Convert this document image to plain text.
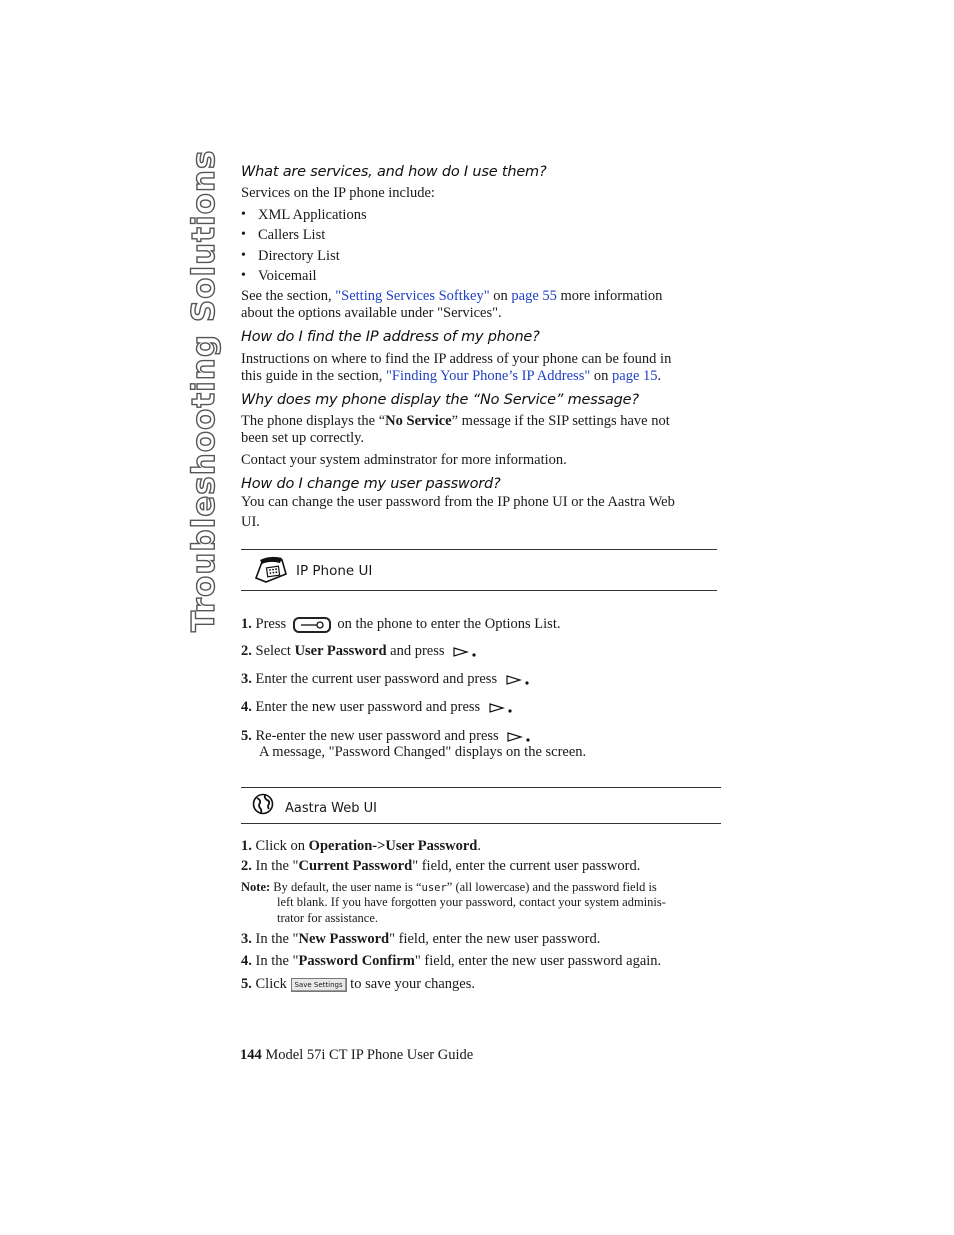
Troubleshooting Solutions What are services, and how do I use them?
Services on the IP phone include:
• XML Applications
• Callers List
• Directory List
• Voicemail
See the section, "Setting Services Softkey" on page 55 more information
about the options available under "Services".
How do I find the IP address of my phone?
Instructions on where to find the IP address of your phone can be found in
this guide in the section, "Finding Your Phone’s IP Address" on page 15.
Why does my phone display the “No Service” message?
The phone displays the “No Service” message if the SIP settings have not
been set up correctly.
Contact your system adminstrator for more information.
How do I change my user password?
You can change the user password from the IP phone UI or the Aastra Web
UI.
IP Phone UI
1. Press	on the phone to enter the Options List.
2. Select User Password and press
3. Enter the current user password and press
4. Enter the new user password and press
5. Re-enter the new user password and press
A message, "Password Changed" displays on the screen.
Aastra Web UI
1. Click on Operation->User Password.
2. In the "Current Password" field, enter the current user password.
Note: By default, the user name is “user” (all lowercase) and the password field is
left blank. If you have forgotten your password, contact your system adminis-
trator for assistance.
3. In the "New Password" field, enter the new user password.
4. In the "Password Confirm" field, enter the new user password again.
5. Click Save Settings to save your changes.
144 Model 57i CT IP Phone User Guide
